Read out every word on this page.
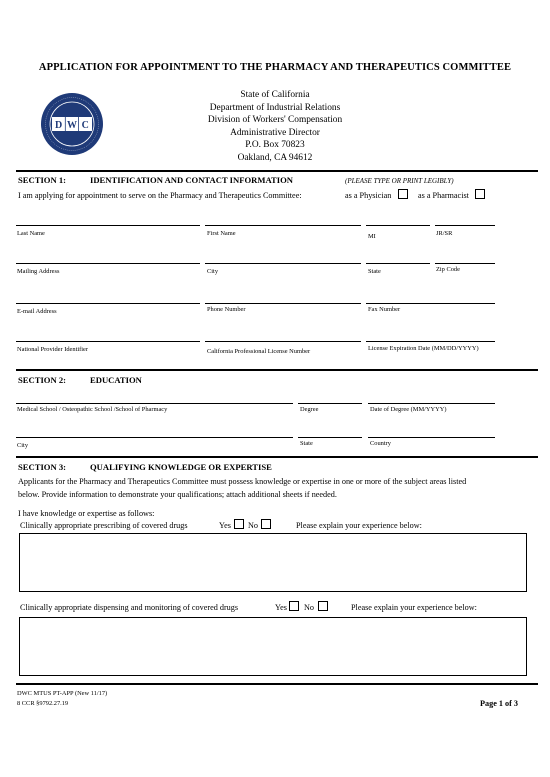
APPLICATION FOR APPOINTMENT TO THE PHARMACY AND THERAPEUTICS COMMITTEE
D W C
State of California
Department of Industrial Relations
Division of Workers' Compensation
Administrative Director
P.O. Box 70823
Oakland, CA 94612
SECTION 1:	IDENTIFICATION AND CONTACT INFORMATION	(PLEASE TYPE OR PRINT LEGIBLY)
I am applying for appointment to serve on the Pharmacy and Therapeutics Committee:	as a Physician	as a Pharmacist
Last Name	First Name	MI	JR/SR
Mailing Address	City	State	Zip Code
E-mail Address	Phone Number	Fax Number
National Provider Identifier	California Professional License Number	License Expiration Date (MM/DD/YYYY)
SECTION 2:	EDUCATION
Medical School / Osteopathic School /School of Pharmacy	Degree	Date of Degree (MM/YYYY)
City	State	Country
SECTION 3:	QUALIFYING KNOWLEDGE OR EXPERTISE
Applicants for the Pharmacy and Therapeutics Committee must possess knowledge or expertise in one or more of the subject areas listed
below. Provide information to demonstrate your qualifications; attach additional sheets if needed.
I have knowledge or expertise as follows:
Clinically appropriate prescribing of covered drugs	Yes No	Please explain your experience below:
Clinically appropriate dispensing and monitoring of covered drugs	Yes No	Please explain your experience below:
DWC MTUS PT-APP (New 11/17)
8 CCR §9792.27.19	Page 1 of 3
